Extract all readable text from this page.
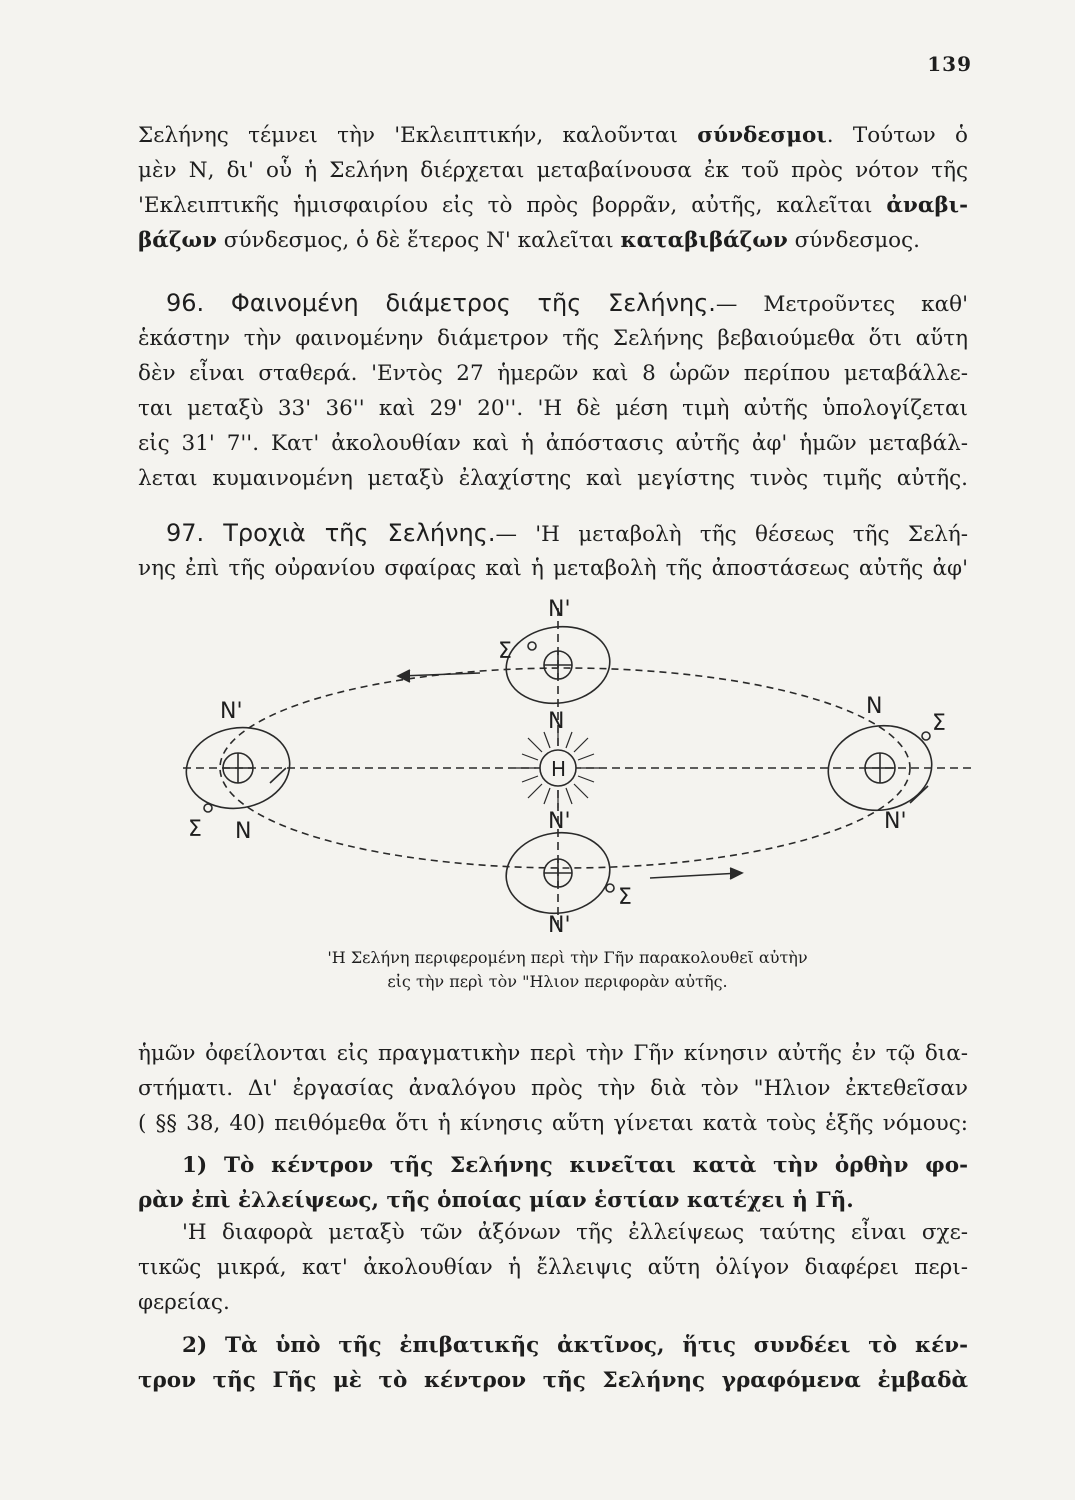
139
Σελήνης τέμνει τὴν 'Εκλειπτικήν, καλοῦνται σύνδεσμοι. Τούτων ὁ
μὲν Ν, δι' οὗ ἡ Σελήνη διέρχεται μεταβαίνουσα ἐκ τοῦ πρὸς νότον τῆς
'Εκλειπτικῆς ἡμισφαιρίου εἰς τὸ πρὸς βορρᾶν, αὐτῆς, καλεῖται ἀναβι-
βάζων σύνδεσμος, ὁ δὲ ἕτερος Ν' καλεῖται καταβιβάζων σύνδεσμος.
96. Φαινομένη διάμετρος τῆς Σελήνης.— Μετροῦντες καθ'
ἑκάστην τὴν φαινομένην διάμετρον τῆς Σελήνης βεβαιούμεθα ὅτι αὕτη
δὲν εἶναι σταθερά. 'Εντὸς 27 ἡμερῶν καὶ 8 ὡρῶν περίπου μεταβάλλε-
ται μεταξὺ 33' 36'' καὶ 29' 20''. 'Η δὲ μέση τιμὴ αὐτῆς ὑπολογίζεται
εἰς 31' 7''. Κατ' ἀκολουθίαν καὶ ἡ ἀπόστασις αὐτῆς ἀφ' ἡμῶν μεταβάλ-
λεται κυμαινομένη μεταξὺ ἐλαχίστης καὶ μεγίστης τινὸς τιμῆς αὐτῆς.
97. Τροχιὰ τῆς Σελήνης.— 'Η μεταβολὴ τῆς θέσεως τῆς Σελή-
νης ἐπὶ τῆς οὐρανίου σφαίρας καὶ ἡ μεταβολὴ τῆς ἀποστάσεως αὐτῆς ἀφ'
N'
Σ
N
H
N'
N'
Σ N
N
Σ
N'
Σ
N'
'Η Σελήνη περιφερομένη περὶ τὴν Γῆν παρακολουθεῖ αὐτὴν
εἰς τὴν περὶ τὸν "Ηλιον περιφορὰν αὐτῆς.
ἡμῶν ὀφείλονται εἰς πραγματικὴν περὶ τὴν Γῆν κίνησιν αὐτῆς ἐν τῷ δια-
στήματι. Δι' ἐργασίας ἀναλόγου πρὸς τὴν διὰ τὸν "Ηλιον ἐκτεθεῖσαν
( §§ 38, 40) πειθόμεθα ὅτι ἡ κίνησις αὕτη γίνεται κατὰ τοὺς ἑξῆς νόμους:
1) Τὸ κέντρον τῆς Σελήνης κινεῖται κατὰ τὴν ὀρθὴν φο-
ρὰν ἐπὶ ἐλλείψεως, τῆς ὁποίας μίαν ἑστίαν κατέχει ἡ Γῆ.
'Η διαφορὰ μεταξὺ τῶν ἀξόνων τῆς ἐλλείψεως ταύτης εἶναι σχε-
τικῶς μικρά, κατ' ἀκολουθίαν ἡ ἔλλειψις αὕτη ὀλίγον διαφέρει περι-
φερείας.
2) Τὰ ὑπὸ τῆς ἐπιβατικῆς ἀκτῖνος, ἥτις συνδέει τὸ κέν-
τρον τῆς Γῆς μὲ τὸ κέντρον τῆς Σελήνης γραφόμενα ἐμβαδὰ
